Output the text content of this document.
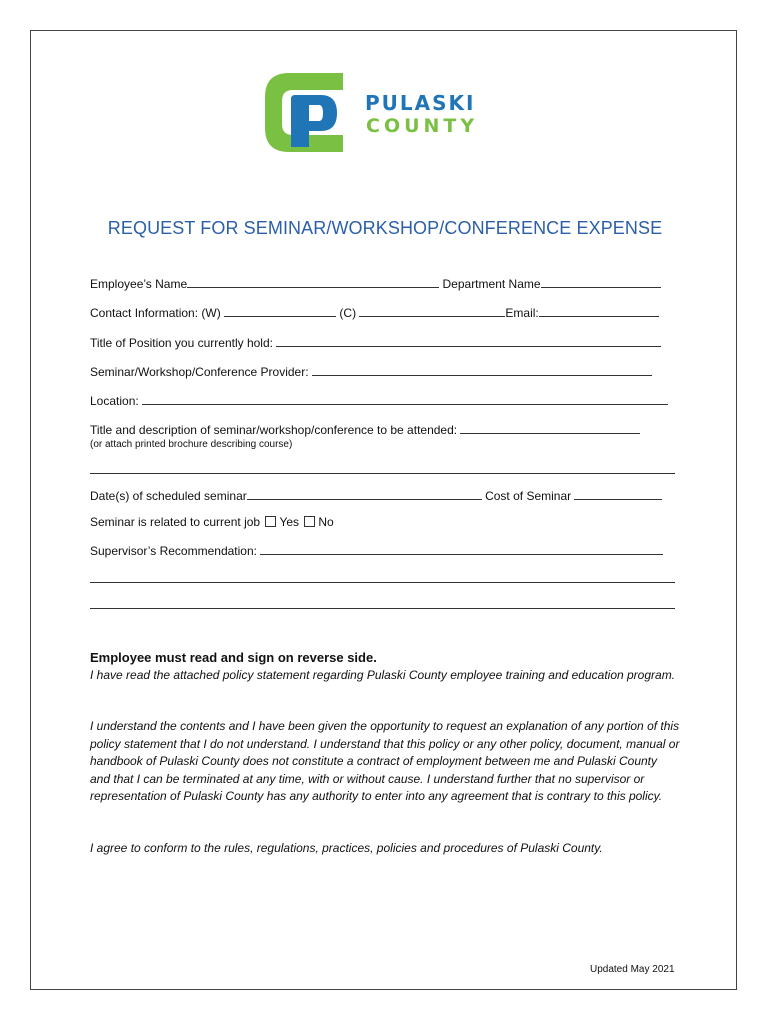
PULASKI
COUNTY
REQUEST FOR SEMINAR/WORKSHOP/CONFERENCE EXPENSE
Employee’s Name	Department Name
Contact Information: (W)	(C)	Email:
Title of Position you currently hold:
Seminar/Workshop/Conference Provider:
Location:
Title and description of seminar/workshop/conference to be attended:
(or attach printed brochure describing course)
Date(s) of scheduled seminar	Cost of Seminar
Seminar is related to current job Yes No
Supervisor’s Recommendation:
Employee must read and sign on reverse side.

I have read the attached policy statement regarding Pulaski County employee training and education program.

I understand the contents and I have been given the opportunity to request an explanation of any portion of this policy statement that I do not understand. I understand that this policy or any other policy, document, manual or handbook of Pulaski County does not constitute a contract of employment between me and Pulaski County and that I can be terminated at any time, with or without cause. I understand further that no supervisor or representation of Pulaski County has any authority to enter into any agreement that is contrary to this policy.

I agree to conform to the rules, regulations, practices, policies and procedures of Pulaski County.

Updated May 2021
